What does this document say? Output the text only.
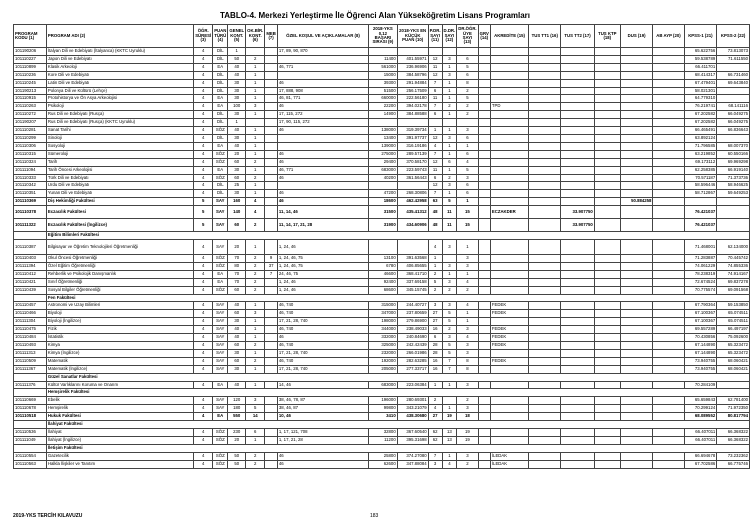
TABLO-4. Merkezi Yerleştirme İle Öğrenci Alan Yükseköğretim Lisans Programları
PROGRAM KODU (1)	PROGRAM ADI (2)	ÖĞR. SÜRESİ (3)	PUAN TÜRÜ (4)	GENEL KONT. (5)	OK.BİR. KONT. (6)	MEB (7)	ÖZEL KOŞUL VE AÇIKLAMALAR (8)	2018-YKS 0,12 BAŞARI SIRASI (9)	2018-YKS EN KÜÇÜK PUAN (10)	P.DR. SAYI (11)	D.DR. SAYI (12)	DR.ÖĞR. ÜYE SAYI (13)	GRV (14)	AKREDİTE (15)	TUS TT1 (16)	TUS TT2 (17)	TUS KTP (18)	DUS (19)	AB AYP (20)	KPSS-1 (21)	KPSS-2 (22)
101190206	İtalyan Dili ve Edebiyatı (İtalyanca) (KKTC Uyruklu)	4	DİL	1			17, 89, 90, 870													65.622756	73.813073
101110227	Japon Dili ve Edebiyatı	4	DİL	50	2			11400	401.55971	12	3	6								59.538789	71.611550
101110899	Klasik Arkeoloji	4	EA	40	1		46, 771	561000	236.96906	11	1	5								66.411701	
101110236	Kore Dili ve Edebiyatı	4	DİL	40	1			15000	384.58796	12	3	6								68.414317	66.731460
101110245	Latin Dili ve Edebiyatı	4	DİL	30	1		46	39300	291.94884	7	1	8								67.479401	69.643840
101190213	Polonya Dili ve Kültürü (Lehçe)	4	DİL	30	1		17, 888, 908	51500	256.17509	6	1	2								58.021301	
101110915	Protohistorya ve Ön Asya Arkeolojisi	4	EA	30	1		46, 81, 771	660000	222.56180	11	1	5								64.779310	
101110263	Psikoloji	4	EA	100	3		46	22200	394.02178	7	2	2		TPD						76.219741	68.141116
101110272	Rus Dili ve Edebiyatı (Rusça)	4	DİL	30	1		17, 115, 272	14900	384.88588	6	1	2								67.202582	66.049275
101190207	Rus Dili ve Edebiyatı (Rusça) (KKTC Uyruklu)	4	DİL	1			17, 90, 115, 272													67.202582	66.049275
101110281	Sanat Tarihi	4	SÖZ	40	1		46	138000	319.39734	1	1	3								66.465491	66.836643
101110299	Sinoloji	4	DİL	30	1			13400	391.97737	12	3	6								63.892124	
101110306	Sosyoloji	4	EA	40	1			139000	316.19186	4	1	1								71.796585	68.007370
101110315	Sümeroloji	4	SÖZ	20	1		46	275000	289.57139	7	1	6								63.219852	60.550166
101110324	Tarih	4	SÖZ	60	2		46	29400	370.58170	12	6	4								69.173112	69.969298
101111094	Tarih Öncesi Arkeolojisi	4	EA	30	1		46, 771	683000	223.59743	11	1	5								62.258385	66.919140
101110333	Türk Dili ve Edebiyatı	4	SÖZ	60	2		46	40200	361.56443	6	2	3								70.571187	71.373736
101110342	Urdu Dili ve Edebiyatı	4	DİL	25	1					12	3	6								58.596446	58.946625
101110351	Yunan Dili ve Edebiyatı	4	DİL	30	1		46	47200	268.30806	7	1	6								58.712867	59.649253
101110369	Diş Hekimliği Fakültesi	5	SAY	160	4		46	18600	462.42958	63	5	1						50.884258			
101110378	Eczacılık Fakültesi	5	SAY	140	4		11, 14, 46	31500	435.41312	48	11	15		ECZAKDER		33.907750				76.421037	
101111322	Eczacılık Fakültesi (İngilizce)	5	SAY	60	2		11, 14, 17, 21, 28	31900	434.60906	48	11	15				33.907750				76.421037	
	Eğitim Bilimleri Fakültesi																				
101110387	Bilgisayar ve Öğretim Teknolojileri Öğretmenliği	4	SAY	20	1		1, 24, 46			4	3	1								71.468001	62.134000
101110403	Okul Öncesi Öğretmenliği	4	SÖZ	70	2	9	1, 24, 46, 75	13100	391.63568	1		3								71.283887	70.445742
101111394	Özel Eğitim Öğretmenliği	4	SÖZ	80	2	37	1, 24, 46, 75	6780	406.85655	1	3	3								74.061229	74.855336
101110412	Rehberlik ve Psikolojik Danışmanlık	4	EA	70	2	7	24, 46, 75	46600	368.41710	2	1	1								78.238319	74.914167
101110421	Sınıf Öğretmenliği	4	EA	70	2		1, 24, 46	92400	337.69158	5	3	4								72.674524	69.837278
101110439	Sosyal Bilgiler Öğretmenliği	4	SÖZ	60	2		1, 24, 46	68600	345.15745	2	2	2								70.775574	69.091568
	Fen Fakültesi																				
101110457	Astronomi ve Uzay Bilimleri	4	SAY	40	1		46, 740	315000	244.40727	3	3	4		FEDEK						67.790364	59.153850
101110466	Biyoloji	4	SAY	60	3		46, 740	347000	237.80659	27	5	1		FEDEK						67.100367	65.074511
101111304	Biyoloji (İngilizce)	4	SAY	30	1		17, 21, 28, 740	198000	279.86900	27	5	1								67.100367	65.074511
101110475	Fizik	4	SAY	40	1		46, 740	344000	238.49033	16	2	3		FEDEK						69.557289	66.497197
101110484	İstatistik	4	SAY	40	1		46	332000	240.84690	6	3	4		FEDEK						70.430856	75.092600
101110493	Kimya	4	SAY	60	2		46, 740	325000	242.42439	28	5	3		FEDEK						67.144890	65.323472
101111313	Kimya (İngilizce)	4	SAY	30	1		17, 21, 28, 740	232000	266.01986	28	5	3								67.144890	65.323472
101110509	Matematik	4	SAY	60	2		46, 740	192000	282.63285	16	7	8		FEDEK						73.940755	68.060421
101111367	Matematik (İngilizce)	4	SAY	30	1		17, 21, 28, 740	205000	277.33717	16	7	8								73.940755	68.060421
	Güzel Sanatlar Fakültesi																				
101111376	Kültür Varlıklarını Koruma ve Onarım	4	EA	40	1		14, 46	683000	223.06384	1	1	3								70.284109	
	Hemşirelik Fakültesi																				
101110669	Ebelik	4	SAY	120	3		38, 46, 78, 87	196000	280.69301	2		2								65.659843	62.781400
101110678	Hemşirelik	4	SAY	180	5		38, 46, 87	99800	343.21079	4	1	3								70.299124	71.972350
101110518	Hukuk Fakültesi	4	EA	550	14		10, 46	3410	438.30680	27	19	18								68.089552	80.817794
	İlahiyat Fakültesi																				
101110536	İlahiyat	4	SÖZ	230	6		1, 17, 121, 708	32800	367.60540	62	13	19								66.407011	66.368322
101111049	İlahiyat (İngilizce)	4	SÖZ	20	1		1, 17, 21, 28	11200	395.31698	62	13	19								66.407011	66.368322
	İletişim Fakültesi																				
101110554	Gazetecilik	4	SÖZ	50	2		46	25800	374.27080	7	1	3		İLEDAK						66.694678	73.232362
101110563	Halkla İlişkiler ve Tanıtım	4	SÖZ	50	2		46	62600	347.88084	3	4	2		İLEDAK						67.702586	66.775746
2019-YKS TERCİH KILAVUZU	183
